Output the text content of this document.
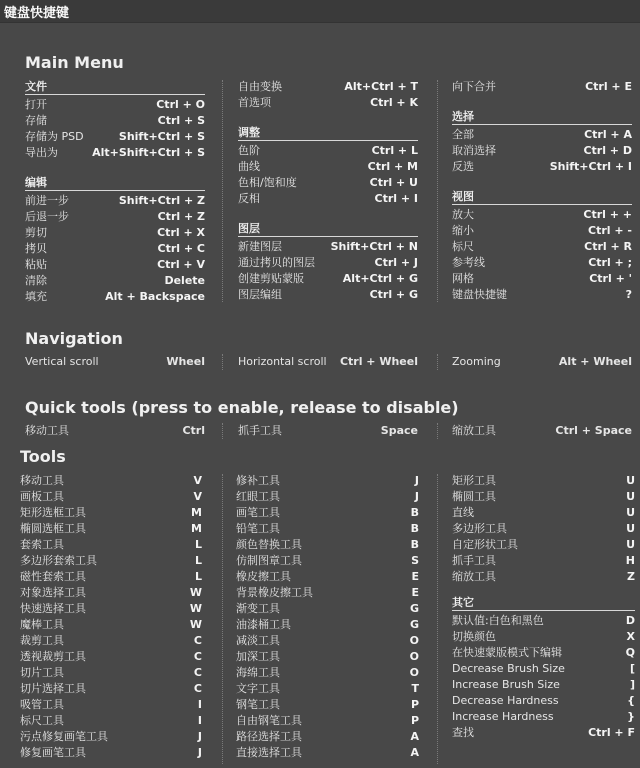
键盘快捷键
Main Menu
文件
打开	Ctrl + O
存储	Ctrl + S
存储为 PSD	Shift+Ctrl + S
导出为	Alt+Shift+Ctrl + S
编辑
前进一步	Shift+Ctrl + Z
后退一步	Ctrl + Z
剪切	Ctrl + X
拷贝	Ctrl + C
粘贴	Ctrl + V
清除	Delete
填充	Alt + Backspace
自由变换	Alt+Ctrl + T
首选项	Ctrl + K
调整
色阶	Ctrl + L
曲线	Ctrl + M
色相/饱和度	Ctrl + U
反相	Ctrl + I
图层
新建图层	Shift+Ctrl + N
通过拷贝的图层	Ctrl + J
创建剪贴蒙版	Alt+Ctrl + G
图层编组	Ctrl + G
向下合并	Ctrl + E
选择
全部	Ctrl + A
取消选择	Ctrl + D
反选	Shift+Ctrl + I
视图
放大	Ctrl + +
缩小	Ctrl + -
标尺	Ctrl + R
参考线	Ctrl + ;
网格	Ctrl + '
键盘快捷键	?
Navigation
Vertical scroll	Wheel	Horizontal scroll Ctrl + Wheel	Zooming	Alt + Wheel
Quick tools (press to enable, release to disable)
移动工具	Ctrl	抓手工具	Space	缩放工具	Ctrl + Space
Tools
移动工具	V
画板工具	V
矩形选框工具	M
椭圆选框工具	M
套索工具	L
多边形套索工具	L
磁性套索工具	L
对象选择工具	W
快速选择工具	W
魔棒工具	W
裁剪工具	C
透视裁剪工具	C
切片工具	C
切片选择工具	C
吸管工具	I
标尺工具	I
污点修复画笔工具	J
修复画笔工具	J
修补工具	J
红眼工具	J
画笔工具	B
铅笔工具	B
颜色替换工具	B
仿制图章工具	S
橡皮擦工具	E
背景橡皮擦工具	E
渐变工具	G
油漆桶工具	G
减淡工具	O
加深工具	O
海绵工具	O
文字工具	T
钢笔工具	P
自由钢笔工具	P
路径选择工具	A
直接选择工具	A
矩形工具	U
椭圆工具	U
直线	U
多边形工具	U
自定形状工具	U
抓手工具	H
缩放工具	Z
其它
默认值:白色和黑色	D
切换颜色	X
在快速蒙版模式下编辑	Q
Decrease Brush Size	[
Increase Brush Size	]
Decrease Hardness	{
Increase Hardness	}
查找	Ctrl + F
